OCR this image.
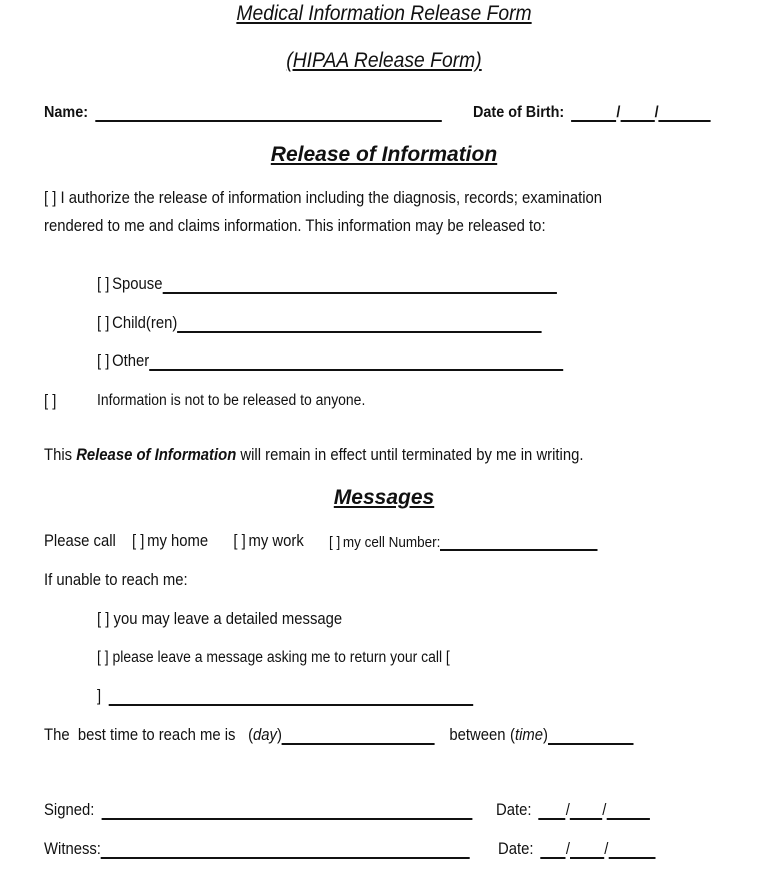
Medical Information Release Form
(HIPAA Release Form)
Name:	Date of Birth:	/ /
Release of Information
[ ] I authorize the release of information including the diagnosis, records; examination
rendered to me and claims information. This information may be released to:
[ ] Spouse
[ ] Child(ren)
[ ] Other
[ ]	Information is not to be released to anyone.
This Release of Information will remain in effect until terminated by me in writing.
Messages
Please call [ ] my home [ ] my work [ ] my cell Number:
If unable to reach me:
[ ] you may leave a detailed message
[ ] please leave a message asking me to return your call [
]
The  best time to reach me is ( day )	between ( time )
Signed:	Date: / /
Witness:	Date: / /
